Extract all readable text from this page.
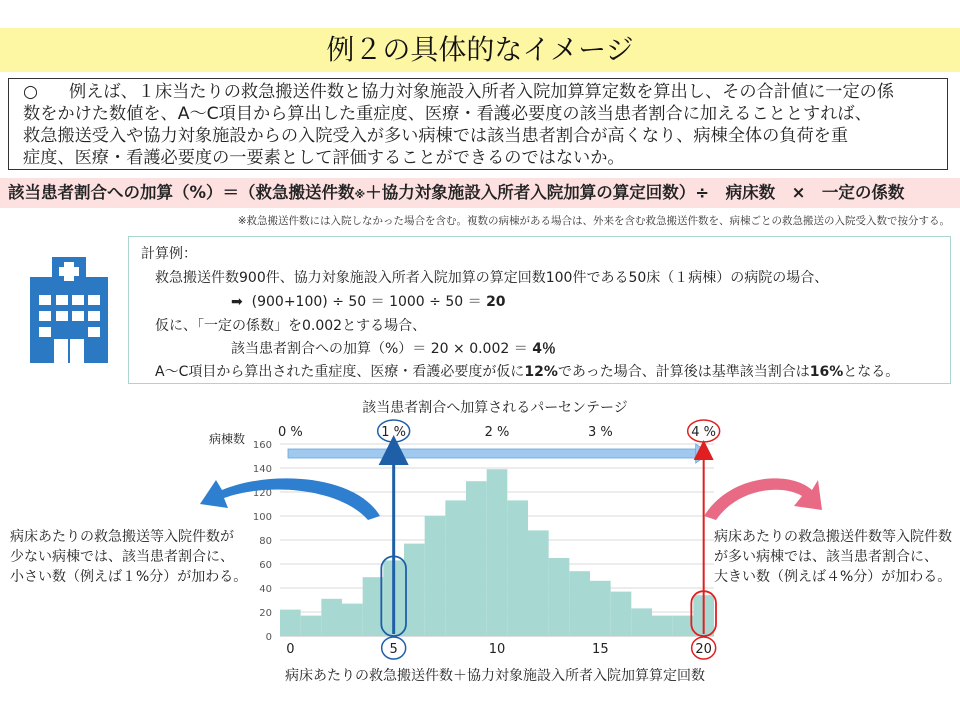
例２の具体的なイメージ
○ 例えば、１床当たりの救急搬送件数と協力対象施設入所者入院加算算定数を算出し、その合計値に一定の係
数をかけた数値を、A～C項目から算出した重症度、医療・看護必要度の該当患者割合に加えることとすれば、
救急搬送受入や協力対象施設からの入院受入が多い病棟では該当患者割合が高くなり、病棟全体の負荷を重
症度、医療・看護必要度の一要素として評価することができるのではないか。
該当患者割合への加算（%）＝（救急搬送件数※＋協力対象施設入所者入院加算の算定回数）÷　病床数　×　一定の係数
※救急搬送件数には入院しなかった場合を含む。複数の病棟がある場合は、外来を含む救急搬送件数を、病棟ごとの救急搬送の入院受入数で按分する。
計算例：
救急搬送件数900件、協力対象施設入所者入院加算の算定回数100件である50床（１病棟）の病院の場合、
➡ (900+100) ÷ 50 ＝ 1000 ÷ 50 ＝ 20
仮に、「一定の係数」を0.002とする場合、
該当患者割合への加算（%）＝ 20 × 0.002 ＝ 4％
A～C項目から算出された重症度、医療・看護必要度が仮に12%であった場合、計算後は基準該当割合は16%となる。
0
20
40
60
80
100
120
140
160
0	5	10	15	20
0 %	1 %	2 %	3 %	4 %
該当患者割合へ加算されるパーセンテージ
病棟数
病床あたりの救急搬送件数＋協力対象施設入所者入院加算算定回数
病床あたりの救急搬送等入院件数が
少ない病棟では、該当患者割合に、
小さい数（例えば１%分）が加わる。
病床あたりの救急搬送件数等入院件数
が多い病棟では、該当患者割合に、
大きい数（例えば４%分）が加わる。
